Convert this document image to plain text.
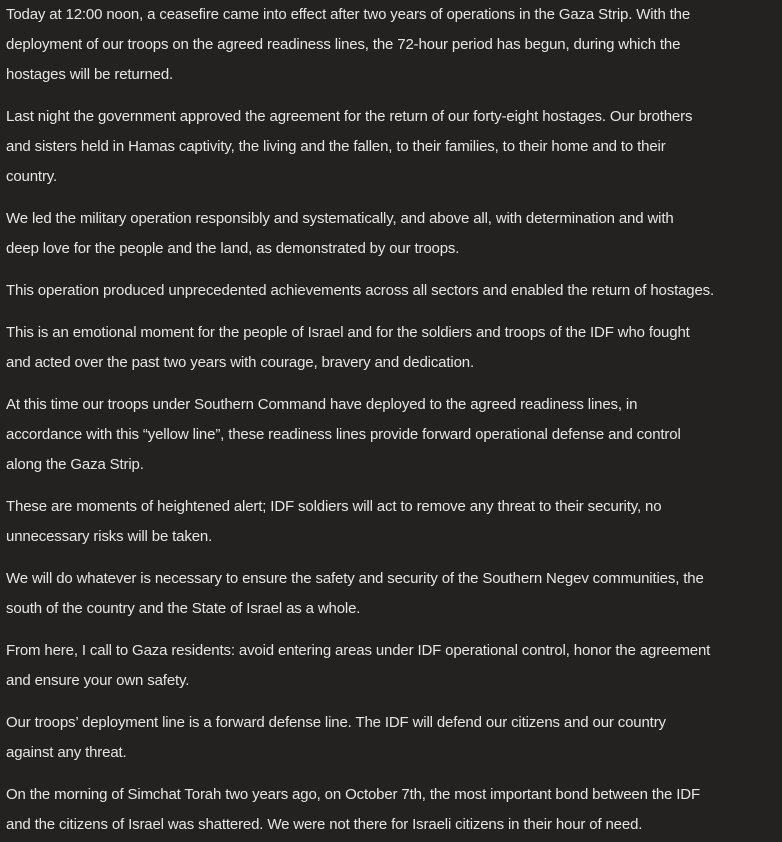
Today at 12:00 noon, a ceasefire came into effect after two years of operations in the Gaza Strip. With the
deployment of our troops on the agreed readiness lines, the 72-hour period has begun, during which the
hostages will be returned.

Last night the government approved the agreement for the return of our forty-eight hostages. Our brothers
and sisters held in Hamas captivity, the living and the fallen, to their families, to their home and to their
country.

We led the military operation responsibly and systematically, and above all, with determination and with
deep love for the people and the land, as demonstrated by our troops.

This operation produced unprecedented achievements across all sectors and enabled the return of hostages.

This is an emotional moment for the people of Israel and for the soldiers and troops of the IDF who fought
and acted over the past two years with courage, bravery and dedication.

At this time our troops under Southern Command have deployed to the agreed readiness lines, in
accordance with this “yellow line”, these readiness lines provide forward operational defense and control
along the Gaza Strip.

These are moments of heightened alert; IDF soldiers will act to remove any threat to their security, no
unnecessary risks will be taken.

We will do whatever is necessary to ensure the safety and security of the Southern Negev communities, the
south of the country and the State of Israel as a whole.

From here, I call to Gaza residents: avoid entering areas under IDF operational control, honor the agreement
and ensure your own safety.

Our troops’ deployment line is a forward defense line. The IDF will defend our citizens and our country
against any threat.

On the morning of Simchat Torah two years ago, on October 7th, the most important bond between the IDF
and the citizens of Israel was shattered. We were not there for Israeli citizens in their hour of need.
